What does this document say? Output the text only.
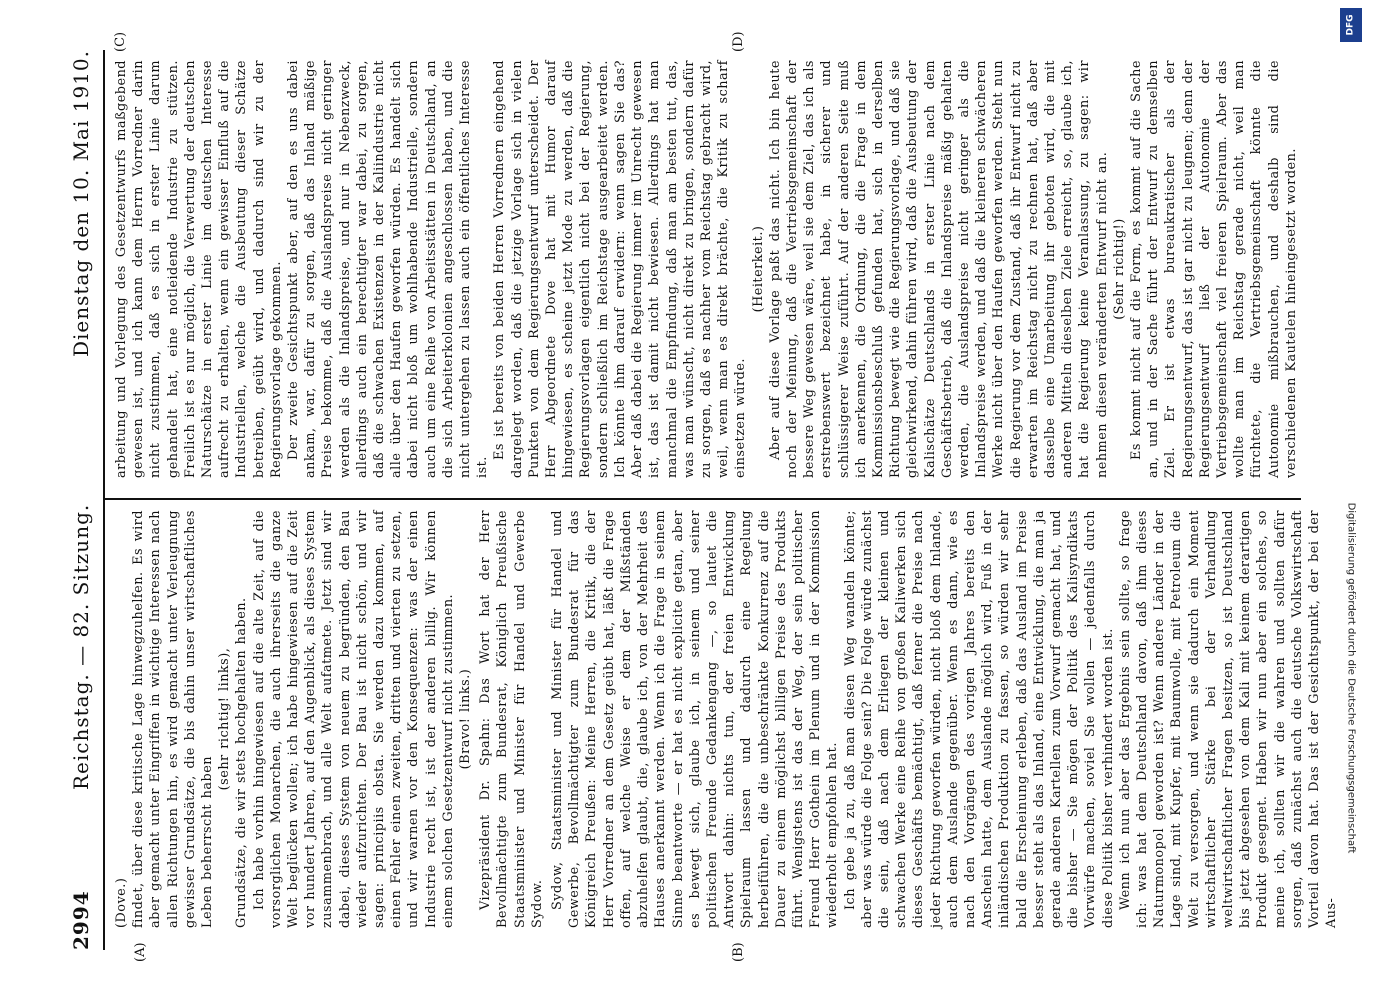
2994
Reichstag. — 82. Sitzung.
Dienstag den 10. Mai 1910.
(A)	(B)
(C)	(D)

(Dove.) findet, über diese kritische Lage hinwegzuhelfen. Es wird aber gemacht unter Eingriffen in wichtige Interessen nach allen Richtungen hin, es wird gemacht unter Verleugnung gewisser Grundsätze, die bis dahin unser wirtschaftliches Leben beherrscht haben

(sehr richtig! links), Grundsätze, die wir stets hochgehalten haben. Ich habe vorhin hingewiesen auf die alte Zeit, auf die vorsorglichen Monarchen, die auch ihrerseits die ganze Welt beglücken wollen; ich habe hingewiesen auf die Zeit vor hundert Jahren, auf den Augenblick, als dieses System zusammenbrach, und alle Welt aufatmete. Jetzt sind wir dabei, dieses System von neuem zu begründen, den Bau wieder aufzurichten. Der Bau ist nicht schön, und wir sagen: principiis obsta. Sie werden dazu kommen, auf einen Fehler einen zweiten, dritten und vierten zu setzen, und wir warnen vor den Konsequenzen: was der einen Industrie recht ist, ist der anderen billig. Wir können einem solchen Gesetzentwurf nicht zustimmen. (Bravo! links.) Vizepräsident Dr. Spahn: Das Wort hat der Herr Bevollmächtigte zum Bundesrat, Königlich Preußische Staatsminister und Minister für Handel und Gewerbe Sydow. Sydow, Staatsminister und Minister für Handel und Gewerbe, Bevollmächtigter zum Bundesrat für das Königreich Preußen: Meine Herren, die Kritik, die der Herr Vorredner an dem Gesetz geübt hat, läßt die Frage offen, auf welche Weise er dem der Mißständen abzuhelfen glaubt, die, glaube ich, von der Mehrheit des Hauses anerkannt werden. Wenn ich die Frage in seinem Sinne beantworte — er hat es nicht explicite getan, aber es bewegt sich, glaube ich, in seinem und seiner politischen Freunde Gedankengang —, so lautet die Antwort dahin: nichts tun, der freien Entwicklung Spielraum lassen und dadurch eine Regelung herbeiführen, die die unbeschränkte Konkurrenz auf die Dauer zu einem möglichst billigen Preise des Produkts führt. Wenigstens ist das der Weg, der sein politischer Freund Herr Gothein im Plenum und in der Kommission wiederholt empfohlen hat. Ich gebe ja zu, daß man diesen Weg wandeln könnte; aber was würde die Folge sein? Die Folge würde zunächst die sein, daß nach dem Erliegen der kleinen und schwachen Werke eine Reihe von großen Kaliwerken sich dieses Geschäfts bemächtigt, daß ferner die Preise nach jeder Richtung geworfen würden, nicht bloß dem Inlande, auch dem Auslande gegenüber. Wenn es dann, wie es nach den Vorgängen des vorigen Jahres bereits den Anschein hatte, dem Auslande möglich wird, Fuß in der inländischen Produktion zu fassen, so würden wir sehr bald die Erscheinung erleben, daß das Ausland im Preise besser steht als das Inland, eine Entwicklung, die man ja gerade anderen Kartellen zum Vorwurf gemacht hat, und die bisher — Sie mögen der Politik des Kalisyndikats Vorwürfe machen, soviel Sie wollen — jedenfalls durch diese Politik bisher verhindert worden ist. Wenn ich nun aber das Ergebnis sein sollte, so frage ich: was hat dem Deutschland davon, daß ihm dieses Naturmonopol geworden ist? Wenn andere Länder in der Lage sind, mit Kupfer, mit Baumwolle, mit Petroleum die Welt zu versorgen, und wenn sie dadurch ein Moment wirtschaftlicher Stärke bei der Verhandlung weltwirtschaftlicher Fragen besitzen, so ist Deutschland bis jetzt abgesehen von dem Kali mit keinem derartigen Produkt gesegnet. Haben wir nun aber ein solches, so meine ich, sollten wir die wahren und sollten dafür sorgen, daß zunächst auch die deutsche Volkswirtschaft Vorteil davon hat. Das ist der Gesichtspunkt, der bei der Aus-

arbeitung und Vorlegung des Gesetzentwurfs maßgebend gewesen ist, und ich kann dem Herrn Vorredner darin nicht zustimmen, daß es sich in erster Linie darum gehandelt hat, eine notleidende Industrie zu stützen. Freilich ist es nur möglich, die Verwertung der deutschen Naturschätze in erster Linie im deutschen Interesse aufrecht zu erhalten, wenn ein gewisser Einfluß auf die Industriellen, welche die Ausbeutung dieser Schätze betreiben, geübt wird, und dadurch sind wir zu der Regierungsvorlage gekommen. Der zweite Gesichtspunkt aber, auf den es uns dabei ankam, war, dafür zu sorgen, daß das Inland mäßige Preise bekomme, daß die Auslandspreise nicht geringer werden als die Inlandspreise, und nur in Nebenzweck, allerdings auch ein berechtigter war dabei, zu sorgen, daß die schwachen Existenzen in der Kaliindustrie nicht alle über den Haufen geworfen würden. Es handelt sich dabei nicht bloß um wohlhabende Industrielle, sondern auch um eine Reihe von Arbeitsstätten in Deutschland, an die sich Arbeiterkolonien angeschlossen haben, und die nicht untergehen zu lassen auch ein öffentliches Interesse ist.

Es ist bereits von beiden Herren Vorrednern eingehend dargelegt worden, daß die jetzige Vorlage sich in vielen Punkten von dem Regierungsentwurf unterscheidet. Der Herr Abgeordnete Dove hat mit Humor darauf hingewiesen, es scheine jetzt Mode zu werden, daß die Regierungsvorlagen eigentlich nicht bei der Regierung, sondern schließlich im Reichstage ausgearbeitet werden. Ich könnte ihm darauf erwidern: wenn sagen Sie das? Aber daß dabei die Regierung immer im Unrecht gewesen ist, das ist damit nicht bewiesen. Allerdings hat man manchmal die Empfindung, daß man am besten tut, das, was man wünscht, nicht direkt zu bringen, sondern dafür zu sorgen, daß es nachher vom Reichstag gebracht wird, weil, wenn man es direkt brächte, die Kritik zu scharf einsetzen würde.

(Heiterkeit.) Aber auf diese Vorlage paßt das nicht. Ich bin heute noch der Meinung, daß die Vertriebsgemeinschaft der bessere Weg gewesen wäre, weil sie dem Ziel, das ich als erstrebenswert bezeichnet habe, in sicherer und schlüssigerer Weise zuführt. Auf der anderen Seite muß ich anerkennen, die Ordnung, die die Frage in dem Kommissionsbeschluß gefunden hat, sich in derselben Richtung bewegt wie die Regierungsvorlage, und daß sie gleichwirkend, dahin führen wird, daß die Ausbeutung der Kalischätze Deutschlands in erster Linie nach dem Geschäftsbetrieb, daß die Inlandspreise mäßig gehalten werden, die Auslandspreise nicht geringer als die Inlandspreise werden, und daß die kleineren schwächeren Werke nicht über den Haufen geworfen werden. Steht nun die Regierung vor dem Zustand, daß ihr Entwurf nicht zu erwarten im Reichstag nicht zu rechnen hat, daß aber dasselbe eine Umarbeitung ihr geboten wird, die mit anderen Mitteln dieselben Ziele erreicht, so, glaube ich, hat die Regierung keine Veranlassung, zu sagen: wir nehmen diesen veränderten Entwurf nicht an. (Sehr richtig!) Es kommt nicht auf die Form, es kommt auf die Sache an, und in der Sache führt der Entwurf zu demselben Ziel. Er ist etwas bureaukratischer als der Regierungsentwurf, das ist gar nicht zu leugnen; denn der Regierungsentwurf ließ der Autonomie der Vertriebsgemeinschaft viel freieren Spielraum. Aber das wollte man im Reichstag gerade nicht, weil man fürchtete, die Vertriebsgemeinschaft könnte die Autonomie mißbrauchen, und deshalb sind die verschiedenen Kautelen hineingesetzt worden.

DFG
Digitalisierung gefördert durch die Deutsche Forschungsgemeinschaft
